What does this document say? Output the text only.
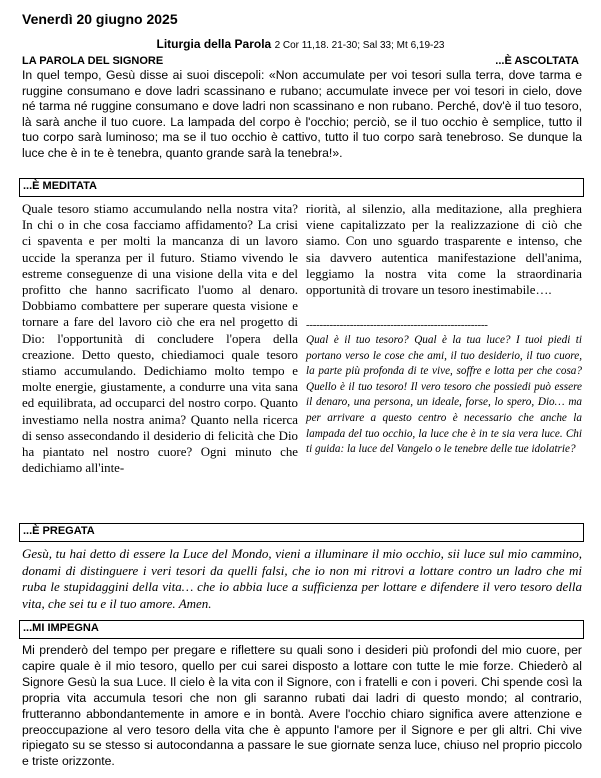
Venerdì 20 giugno 2025
Liturgia della Parola 2 Cor 11,18. 21-30; Sal 33; Mt 6,19-23
LA PAROLA DEL SIGNORE	...È ASCOLTATA
In quel tempo, Gesù disse ai suoi discepoli: «Non accumulate per voi tesori sulla terra, dove tarma e ruggine consumano e dove ladri scassinano e rubano; accumulate invece per voi tesori in cielo, dove né tarma né ruggine consumano e dove ladri non scassinano e non rubano. Perché, dov'è il tuo tesoro, là sarà anche il tuo cuore. La lampada del corpo è l'occhio; perciò, se il tuo occhio è semplice, tutto il tuo corpo sarà luminoso; ma se il tuo occhio è cattivo, tutto il tuo corpo sarà tenebroso. Se dunque la luce che è in te è tenebra, quanto grande sarà la tenebra!».
...È MEDITATA
Quale tesoro stiamo accumulando nella nostra vita? In chi o in che cosa facciamo affidamento? La crisi ci spaventa e per molti la mancanza di un lavoro uccide la speranza per il futuro. Stiamo vivendo le estreme conseguenze di una visione della vita e del profitto che hanno sacrificato l'uomo al denaro. Dobbiamo combattere per superare questa visione e tornare a fare del lavoro ciò che era nel progetto di Dio: l'opportunità di concludere l'opera della creazione. Detto questo, chiediamoci quale tesoro stiamo accumulando. Dedichiamo molto tempo e molte energie, giustamente, a condurre una vita sana ed equilibrata, ad occuparci del nostro corpo. Quanto investiamo nella nostra anima? Quanto nella ricerca di senso assecondando il desiderio di felicità che Dio ha piantato nel nostro cuore? Ogni minuto che dedichiamo all'inte-
riorità, al silenzio, alla meditazione, alla preghiera viene capitalizzato per la realizzazione di ciò che siamo. Con uno sguardo trasparente e intenso, che sia davvero autentica manifestazione dell'anima, leggiamo la nostra vita come la straordinaria opportunità di trovare un tesoro inestimabile….
------------------------------------------------------
Qual è il tuo tesoro? Qual è la tua luce? I tuoi piedi ti portano verso le cose che ami, il tuo desiderio, il tuo cuore, la parte più profonda di te vive, soffre e lotta per che cosa? Quello è il tuo tesoro! Il vero tesoro che possiedi può essere il denaro, una persona, un ideale, forse, lo spero, Dio… ma per arrivare a questo centro è necessario che anche la lampada del tuo occhio, la luce che è in te sia vera luce. Chi ti guida: la luce del Vangelo o le tenebre delle tue idolatrie?
...È PREGATA
Gesù, tu hai detto di essere la Luce del Mondo, vieni a illuminare il mio occhio, sii luce sul mio cammino, donami di distinguere i veri tesori da quelli falsi, che io non mi ritrovi a lottare contro un ladro che mi ruba le stupidaggini della vita… che io abbia luce a sufficienza per lottare e difendere il vero tesoro della vita, che sei tu e il tuo amore. Amen.
...MI IMPEGNA
Mi prenderò del tempo per pregare e riflettere su quali sono i desideri più profondi del mio cuore, per capire quale è il mio tesoro, quello per cui sarei disposto a lottare con tutte le mie forze. Chiederò al Signore Gesù la sua Luce. Il cielo è la vita con il Signore, con i fratelli e con i poveri. Chi spende così la propria vita accumula tesori che non gli saranno rubati dai ladri di questo mondo; al contrario, frutteranno abbondantemente in amore e in bontà. Avere l'occhio chiaro significa avere attenzione e preoccupazione al vero tesoro della vita che è appunto l'amore per il Signore e per gli altri. Chi vive ripiegato su se stesso si autocondanna a passare le sue giornate senza luce, chiuso nel proprio piccolo e triste orizzonte.
